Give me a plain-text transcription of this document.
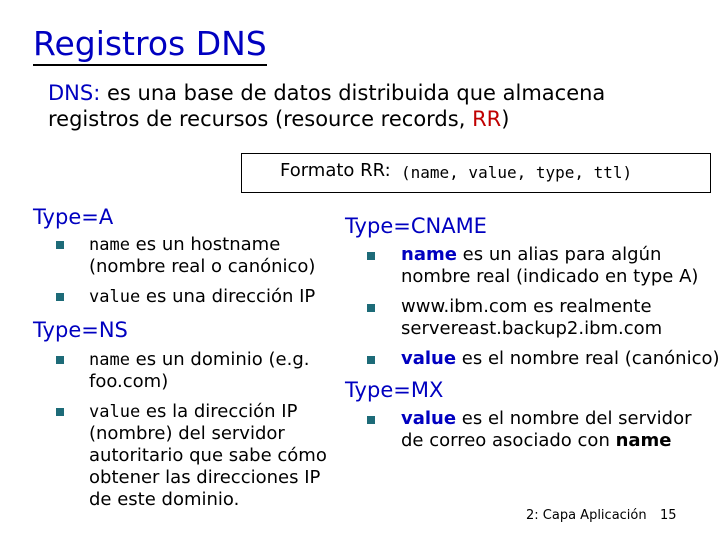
Registros DNS
DNS: es una base de datos distribuida que almacena
registros de recursos (resource records, RR)
Formato RR: (name, value, type, ttl)
Type=A
name es un hostname
(nombre real o canónico)
value es una dirección IP
Type=NS
name es un dominio (e.g.
foo.com)
value es la dirección IP
(nombre) del servidor
autoritario que sabe cómo
obtener las direcciones IP
de este dominio.
Type=CNAME
name es un alias para algún
nombre real (indicado en type A)
www.ibm.com es realmente
servereast.backup2.ibm.com
value es el nombre real (canónico)
Type=MX
value es el nombre del servidor
de correo asociado con name
2: Capa Aplicación 15
